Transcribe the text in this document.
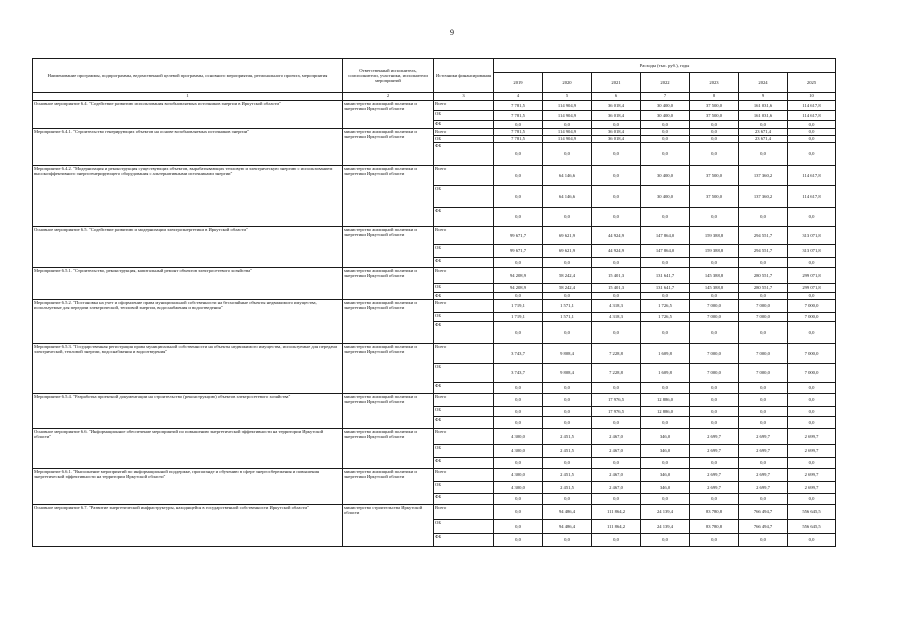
9
Наименование программы, подпрограммы, ведомственной целевой программы, основного мероприятия, регионального проекта, мероприятия	Ответственный исполнитель, соисполнители, участники, исполнители мероприятий	Источники финансирования	Расходы (тыс. руб.), годы						
			2019	2020	2021	2022	2023	2024	2025
1	2	3	4	5	6	7	8	9	10
Основное мероприятие 6.4. "Содействие развитию использования возобновляемых источников энергии в Иркутской области"	министерство жилищной политики и энергетики Иркутской области	Всего	7 781,5	114 904,9	36 018,4	30 400,0	37 500,0	161 031,6	114 617,8
		ОБ	7 781,5	114 904,9	36 018,4	30 400,0	37 500,0	161 031,6	114 617,8
		ФБ	0,0	0,0	0,0	0,0	0,0	0,0	0,0
Мероприятие 6.4.1. "Строительство генерирующих объектов на основе возобновляемых источников энергии"	министерство жилищной политики и энергетики Иркутской области	Всего	7 781,5	114 904,9	36 018,4	0,0	0,0	23 671,4	0,0
		ОБ	7 781,5	114 904,9	36 018,4	0,0	0,0	23 671,4	0,0
		ФБ	0,0	0,0	0,0	0,0	0,0	0,0	0,0
Мероприятие 6.4.2. "Модернизация и реконструкция существующих объектов, вырабатывающих тепловую и электрическую энергию с использованием высокоэффективного энергогенерирующего оборудования с альтернативными источниками энергии"	министерство жилищной политики и энергетики Иркутской области	Всего	0,0	64 146,6	0,0	30 400,0	37 500,0	137 360,2	114 617,8
		ОБ	0,0	64 146,6	0,0	30 400,0	37 500,0	137 360,2	114 617,8
		ФБ	0,0	0,0	0,0	0,0	0,0	0,0	0,0
Основное мероприятие 6.5. "Содействие развитию и модернизации электроэнергетики в Иркутской области"	министерство жилищной политики и энергетики Иркутской области	Всего	99 671,7	69 621,9	44 924,9	147 864,0	159 388,8	294 551,7	313 071,8
		ОБ	99 671,7	69 621,9	44 924,9	147 864,0	159 388,8	294 551,7	313 071,8
		ФБ	0,0	0,0	0,0	0,0	0,0	0,0	0,0
Мероприятие 6.5.1. "Строительство, реконструкция, капитальный ремонт объектов электросетевого хозяйства"	министерство жилищной политики и энергетики Иркутской области	Всего	94 208,9	58 242,4	15 401,3	131 641,7	145 388,8	280 551,7	299 071,8
		ОБ	94 208,9	58 242,4	15 401,3	131 641,7	145 388,8	280 551,7	299 071,8
		ФБ	0,0	0,0	0,0	0,0	0,0	0,0	0,0
Мероприятие 6.5.2. "Постановка на учет и оформление права муниципальной собственности на бесхозяйные объекты недвижимого имущества, используемые для передачи электрической, тепловой энергии, водоснабжения и водоотведения"	министерство жилищной политики и энергетики Иркутской области	Всего	1 719,1	1 571,1	4 318,3	1 726,5	7 000,0	7 000,0	7 000,0
		ОБ	1 719,1	1 571,1	4 318,3	1 726,5	7 000,0	7 000,0	7 000,0
		ФБ	0,0	0,0	0,0	0,0	0,0	0,0	0,0
Мероприятие 6.5.3. "Государственная регистрация права муниципальной собственности на объекты недвижимого имущества, используемые для передачи электрической, тепловой энергии, водоснабжения и водоотведения"	министерство жилищной политики и энергетики Иркутской области	Всего	3 743,7	9 808,4	7 228,8	1 609,8	7 000,0	7 000,0	7 000,0
		ОБ	3 743,7	9 808,4	7 228,8	1 609,8	7 000,0	7 000,0	7 000,0
		ФБ	0,0	0,0	0,0	0,0	0,0	0,0	0,0
Мероприятие 6.5.4. "Разработка проектной документации на строительство (реконструкцию) объектов электросетевого хозяйства"	министерство жилищной политики и энергетики Иркутской области	Всего	0,0	0,0	17 976,5	12 886,0	0,0	0,0	0,0
		ОБ	0,0	0,0	17 976,5	12 886,0	0,0	0,0	0,0
		ФБ	0,0	0,0	0,0	0,0	0,0	0,0	0,0
Основное мероприятие 6.6. "Информационное обеспечение мероприятий по повышению энергетической эффективности на территории Иркутской области"	министерство жилищной политики и энергетики Иркутской области	Всего	4 300,0	2 451,5	2 467,0	346,0	2 699,7	2 699,7	2 699,7
		ОБ	4 300,0	2 451,5	2 467,0	346,0	2 699,7	2 699,7	2 699,7
		ФБ	0,0	0,0	0,0	0,0	0,0	0,0	0,0
Мероприятие 6.6.1. "Выполнение мероприятий по информационной поддержке, пропаганде и обучению в сфере энергосбережения и повышения энергетической эффективности на территории Иркутской области"	министерство жилищной политики и энергетики Иркутской области	Всего	4 300,0	2 451,5	2 467,0	346,0	2 699,7	2 699,7	2 699,7
		ОБ	4 300,0	2 451,5	2 467,0	346,0	2 699,7	2 699,7	2 699,7
		ФБ	0,0	0,0	0,0	0,0	0,0	0,0	0,0
Основное мероприятие 6.7. "Развитие энергетической инфраструктуры, находящейся в государственной собственности Иркутской области"	министерство строительства Иркутской области	Всего	0,0	94 486,4	111 864,2	24 139,4	83 780,8	766 494,7	556 645,5
		ОБ	0,0	94 486,4	111 864,2	24 139,4	83 780,8	766 494,7	556 645,5
		ФБ	0,0	0,0	0,0	0,0	0,0	0,0	0,0
